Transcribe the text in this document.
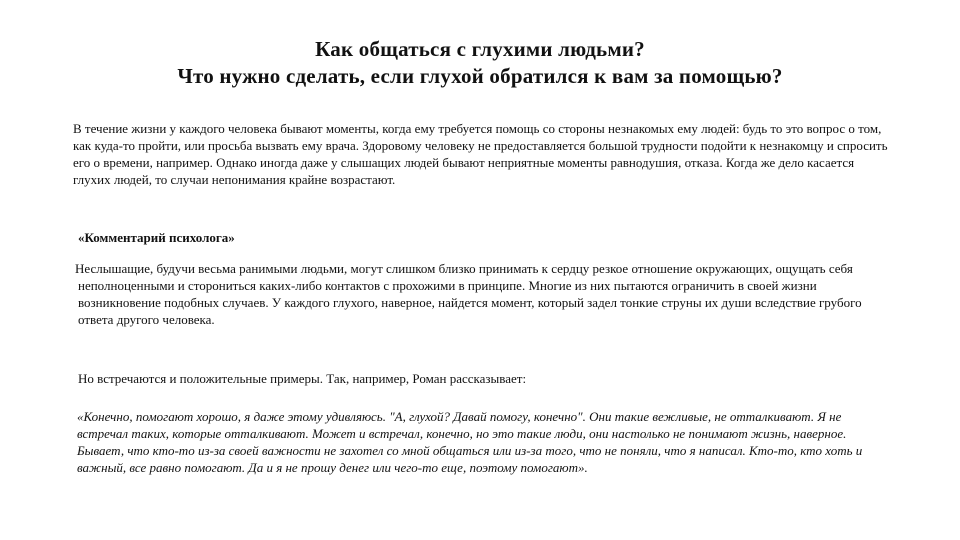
Как общаться с глухими людьми?
Что нужно сделать, если глухой обратился к вам за помощью?

В течение жизни у каждого человека бывают моменты, когда ему требуется помощь со стороны незнакомых ему людей: будь то это вопрос о том, как куда-то пройти, или просьба вызвать ему врача. Здоровому человеку не предоставляется большой трудности подойти к незнакомцу и спросить его о времени, например. Однако иногда даже у слышащих людей бывают неприятные моменты равнодушия, отказа. Когда же дело касается глухих людей, то случаи непонимания крайне возрастают.

«Комментарий психолога»

Неслышащие, будучи весьма ранимыми людьми, могут слишком близко принимать к сердцу резкое отношение окружающих, ощущать себя неполноценными и сторониться каких-либо контактов с прохожими в принципе. Многие из них пытаются ограничить в своей жизни возникновение подобных случаев. У каждого глухого, наверное, найдется момент, который задел тонкие струны их души вследствие грубого ответа другого человека.

Но встречаются и положительные примеры. Так, например, Роман рассказывает:

«Конечно, помогают хорошо, я даже этому удивляюсь. "А, глухой? Давай помогу, конечно". Они такие вежливые, не отталкивают. Я не встречал таких, которые отталкивают. Может и встречал, конечно, но это такие люди, они настолько не понимают жизнь, наверное. Бывает, что кто-то из-за своей важности не захотел со мной общаться или из-за того, что не поняли, что я написал. Кто-то, кто хоть и важный, все равно помогают. Да и я не прошу денег или чего-то еще, поэтому помогают».
